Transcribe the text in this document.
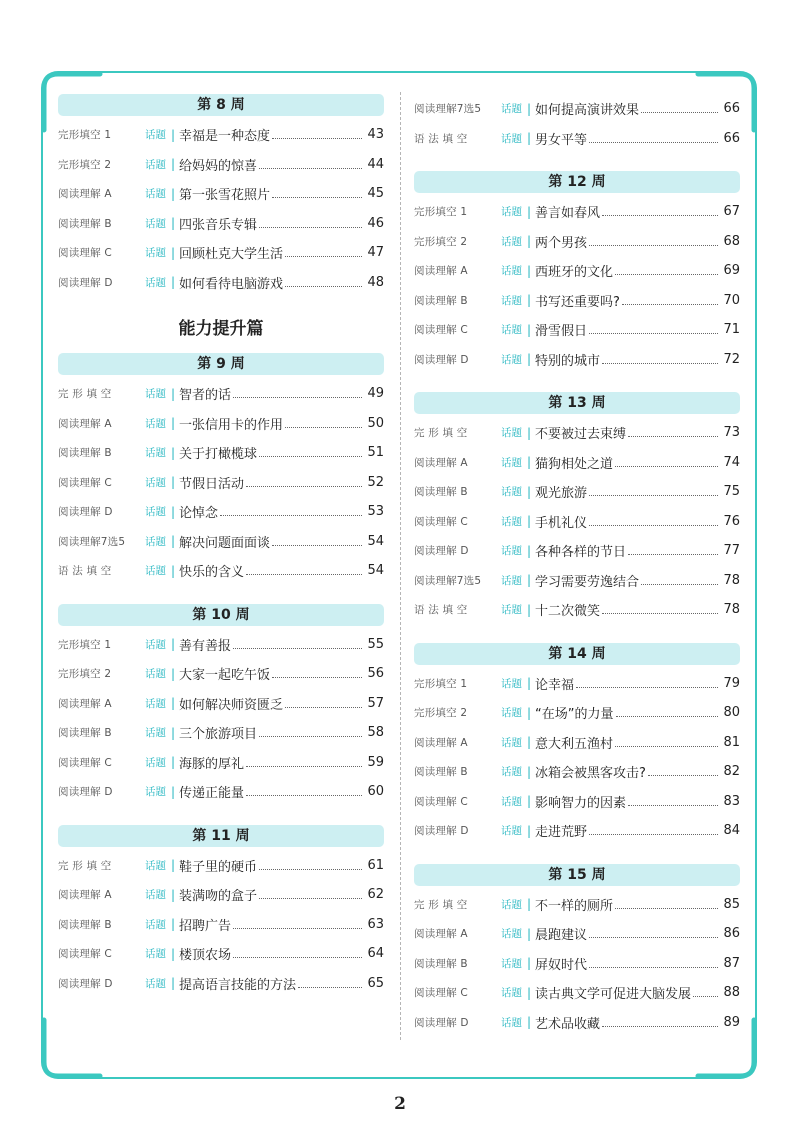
第 8 周
完形填空 1	话题 | 幸福是一种态度	43
完形填空 2	话题 | 给妈妈的惊喜	44
阅读理解 A	话题 | 第一张雪花照片	45
阅读理解 B	话题 | 四张音乐专辑	46
阅读理解 C	话题 | 回顾杜克大学生活	47
阅读理解 D	话题 | 如何看待电脑游戏	48
能力提升篇
第 9 周
完 形 填 空	话题 | 智者的话	49
阅读理解 A	话题 | 一张信用卡的作用	50
阅读理解 B	话题 | 关于打橄榄球	51
阅读理解 C	话题 | 节假日活动	52
阅读理解 D	话题 | 论悼念	53
阅读理解7选5	话题 | 解决问题面面谈	54
语 法 填 空	话题 | 快乐的含义	54
第 10 周
完形填空 1	话题 | 善有善报	55
完形填空 2	话题 | 大家一起吃午饭	56
阅读理解 A	话题 | 如何解决师资匮乏	57
阅读理解 B	话题 | 三个旅游项目	58
阅读理解 C	话题 | 海豚的厚礼	59
阅读理解 D	话题 | 传递正能量	60
第 11 周
完 形 填 空	话题 | 鞋子里的硬币	61
阅读理解 A	话题 | 装满吻的盒子	62
阅读理解 B	话题 | 招聘广告	63
阅读理解 C	话题 | 楼顶农场	64
阅读理解 D	话题 | 提高语言技能的方法	65
阅读理解7选5	话题 | 如何提高演讲效果	66
语 法 填 空	话题 | 男女平等	66
第 12 周
完形填空 1	话题 | 善言如春风	67
完形填空 2	话题 | 两个男孩	68
阅读理解 A	话题 | 西班牙的文化	69
阅读理解 B	话题 | 书写还重要吗?	70
阅读理解 C	话题 | 滑雪假日	71
阅读理解 D	话题 | 特别的城市	72
第 13 周
完 形 填 空	话题 | 不要被过去束缚	73
阅读理解 A	话题 | 猫狗相处之道	74
阅读理解 B	话题 | 观光旅游	75
阅读理解 C	话题 | 手机礼仪	76
阅读理解 D	话题 | 各种各样的节日	77
阅读理解7选5	话题 | 学习需要劳逸结合	78
语 法 填 空	话题 | 十二次微笑	78
第 14 周
完形填空 1	话题 | 论幸福	79
完形填空 2	话题 | “在场”的力量	80
阅读理解 A	话题 | 意大利五渔村	81
阅读理解 B	话题 | 冰箱会被黑客攻击?	82
阅读理解 C	话题 | 影响智力的因素	83
阅读理解 D	话题 | 走进荒野	84
第 15 周
完 形 填 空	话题 | 不一样的厕所	85
阅读理解 A	话题 | 晨跑建议	86
阅读理解 B	话题 | 屏奴时代	87
阅读理解 C	话题 | 读古典文学可促进大脑发展 88
阅读理解 D	话题 | 艺术品收藏	89
2
